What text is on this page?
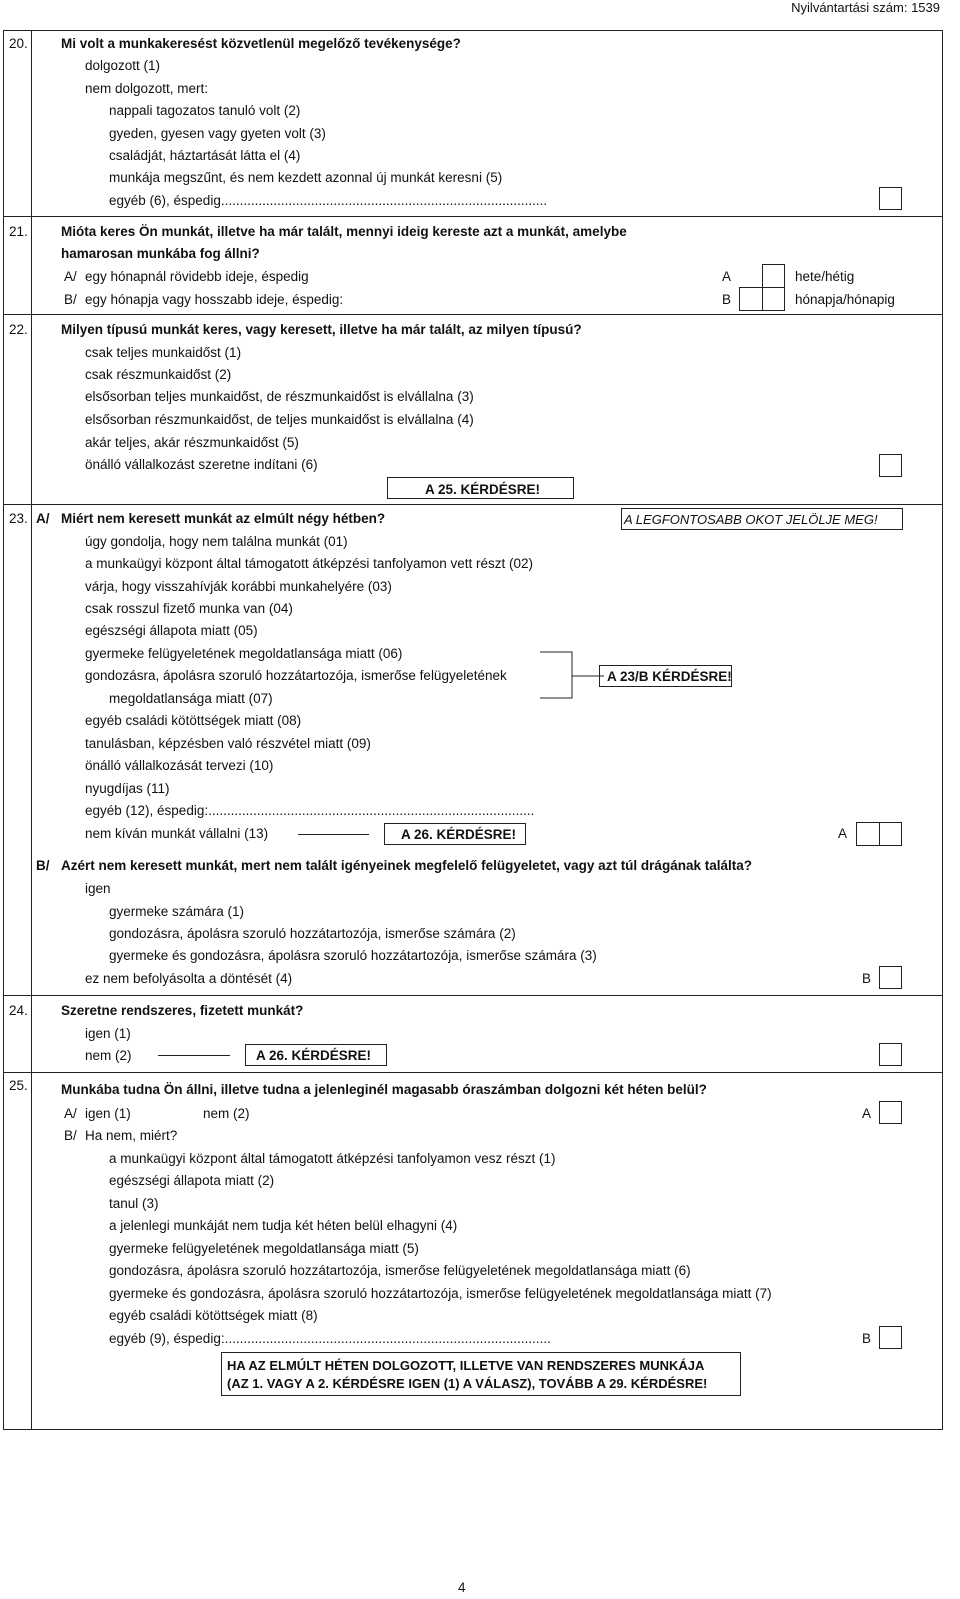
Nyilvántartási szám: 1539
20. Mi volt a munkakeresést közvetlenül megelőző tevékenysége?
dolgozott (1)
nem dolgozott, mert:
nappali tagozatos tanuló volt (2)
gyeden, gyesen vagy gyeten volt (3)
családját, háztartását látta el (4)
munkája megszűnt, és nem kezdett azonnal új munkát keresni (5)
egyéb (6), éspedig.......................................................................................
21. Mióta keres Ön munkát, illetve ha már talált, mennyi ideig kereste azt a munkát, amelybe
hamarosan munkába fog állni?
A/ egy hónapnál rövidebb ideje, éspedig	A	hete/hétig
B/ egy hónapja vagy hosszabb ideje, éspedig:	B	hónapja/hónapig
22. Milyen típusú munkát keres, vagy keresett, illetve ha már talált, az milyen típusú?
csak teljes munkaidőst (1)
csak részmunkaidőst (2)
elsősorban teljes munkaidőst, de részmunkaidőst is elvállalna (3)
elsősorban részmunkaidőst, de teljes munkaidőst is elvállalna (4)
akár teljes, akár részmunkaidőst (5)
önálló vállalkozást szeretne indítani (6)
A 25. KÉRDÉSRE!
23. A/ Miért nem keresett munkát az elmúlt négy hétben?	A LEGFONTOSABB OKOT JELÖLJE MEG!
úgy gondolja, hogy nem találna munkát (01)
a munkaügyi központ által támogatott átképzési tanfolyamon vett részt (02)
várja, hogy visszahívják korábbi munkahelyére (03)
csak rosszul fizető munka van (04)
egészségi állapota miatt (05)
gyermeke felügyeletének megoldatlansága miatt (06)
gondozásra, ápolásra szoruló hozzátartozója, ismerőse felügyeletének
megoldatlansága miatt (07)
egyéb családi kötöttségek miatt (08)
tanulásban, képzésben való részvétel miatt (09)
önálló vállalkozását tervezi (10)
nyugdíjas (11)
egyéb (12), éspedig:.......................................................................................
nem kíván munkát vállalni (13)
A 23/B KÉRDÉSRE!
A 26. KÉRDÉSRE!	A
B/ Azért nem keresett munkát, mert nem talált igényeinek megfelelő felügyeletet, vagy azt túl drágának találta?
igen
gyermeke számára (1)
gondozásra, ápolásra szoruló hozzátartozója, ismerőse számára (2)
gyermeke és gondozásra, ápolásra szoruló hozzátartozója, ismerőse számára (3)
ez nem befolyásolta a döntését (4)	B
24. Szeretne rendszeres, fizetett munkát?
igen (1)
nem (2)	A 26. KÉRDÉSRE!
25. Munkába tudna Ön állni, illetve tudna a jelenleginél magasabb óraszámban dolgozni két héten belül?
A/ igen (1)	nem (2)	A
B/ Ha nem, miért?
a munkaügyi központ által támogatott átképzési tanfolyamon vesz részt (1)
egészségi állapota miatt (2)
tanul (3)
a jelenlegi munkáját nem tudja két héten belül elhagyni (4)
gyermeke felügyeletének megoldatlansága miatt (5)
gondozásra, ápolásra szoruló hozzátartozója, ismerőse felügyeletének megoldatlansága miatt (6)
gyermeke és gondozásra, ápolásra szoruló hozzátartozója, ismerőse felügyeletének megoldatlansága miatt (7)
egyéb családi kötöttségek miatt (8)
egyéb (9), éspedig:.......................................................................................	B
HA AZ ELMÚLT HÉTEN DOLGOZOTT, ILLETVE VAN RENDSZERES MUNKÁJA
(AZ 1. VAGY A 2. KÉRDÉSRE IGEN (1) A VÁLASZ), TOVÁBB A 29. KÉRDÉSRE!
4
